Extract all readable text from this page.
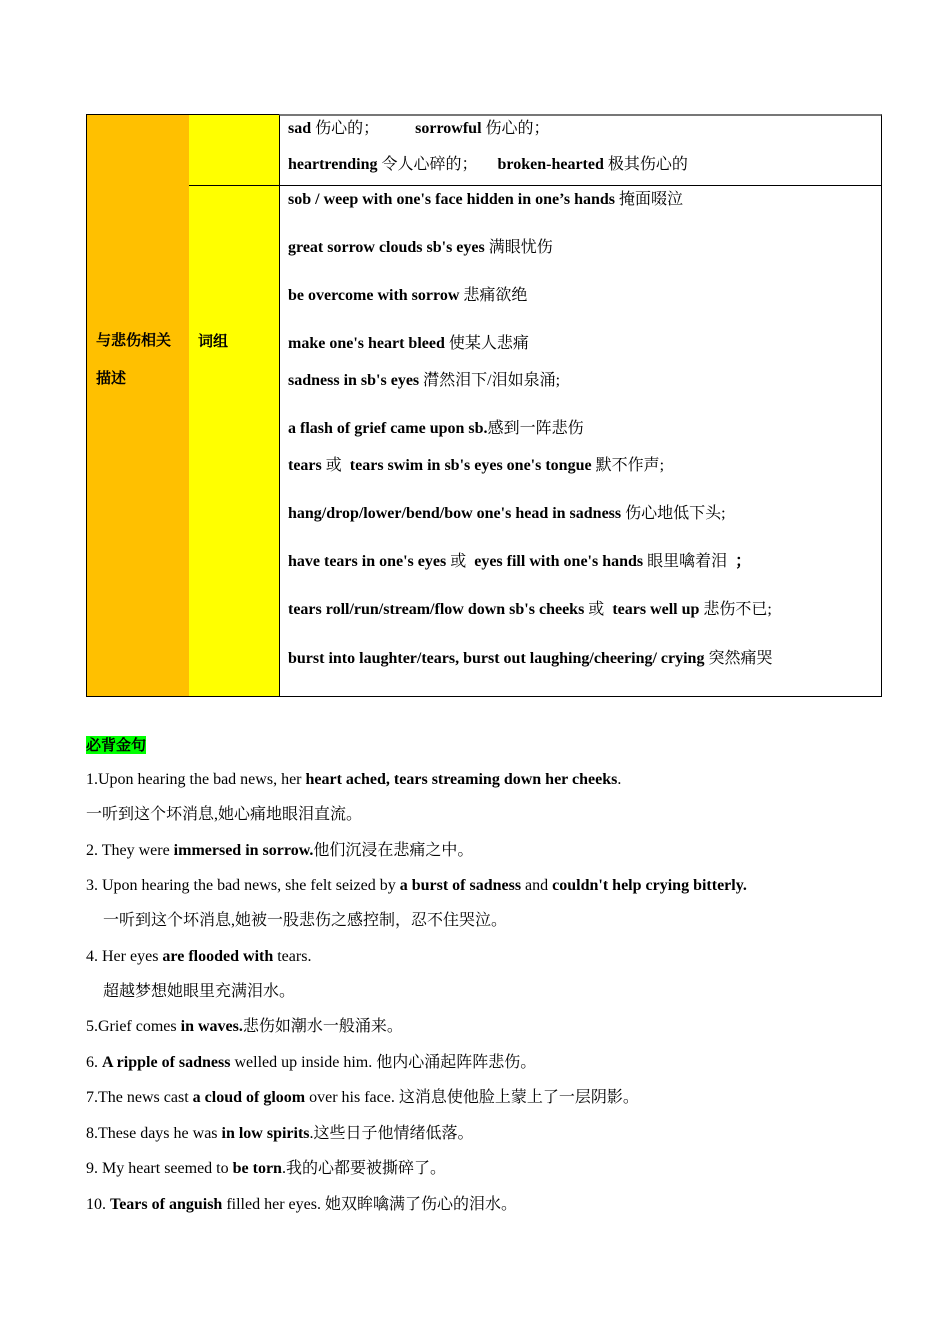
与悲伤相关
描述
词组
sad 伤心的；         sorrowful 伤心的；
heartrending 令人心碎的；     broken-hearted 极其伤心的
sob / weep with one's face hidden in one’s hands 掩面啜泣
great sorrow clouds sb's eyes 满眼忧伤
be overcome with sorrow 悲痛欲绝
make one's heart bleed 使某人悲痛
sadness in sb's eyes 潸然泪下/泪如泉涌;
a flash of grief came upon sb.感到一阵悲伤
tears 或  tears swim in sb's eyes one's tongue 默不作声;
hang/drop/lower/bend/bow one's head in sadness 伤心地低下头;
have tears in one's eyes 或  eyes fill with one's hands 眼里噙着泪  ；
tears roll/run/stream/flow down sb's cheeks 或  tears well up 悲伤不已;
burst into laughter/tears, burst out laughing/cheering/ crying 突然痛哭
必背金句
1.Upon hearing the bad news, her heart ached, tears streaming down her cheeks.
一听到这个坏消息,她心痛地眼泪直流。
2. They were immersed in sorrow.他们沉浸在悲痛之中。
3. Upon hearing the bad news, she felt seized by a burst of sadness and couldn't help crying bitterly.
一听到这个坏消息,她被一股悲伤之感控制，忍不住哭泣。
4. Her eyes are flooded with tears.
超越梦想她眼里充满泪水。
5.Grief comes in waves.悲伤如潮水一般涌来。
6. A ripple of sadness welled up inside him. 他内心涌起阵阵悲伤。
7.The news cast a cloud of gloom over his face. 这消息使他脸上蒙上了一层阴影。
8.These days he was in low spirits.这些日子他情绪低落。
9. My heart seemed to be torn.我的心都要被撕碎了。
10. Tears of anguish filled her eyes. 她双眸噙满了伤心的泪水。
